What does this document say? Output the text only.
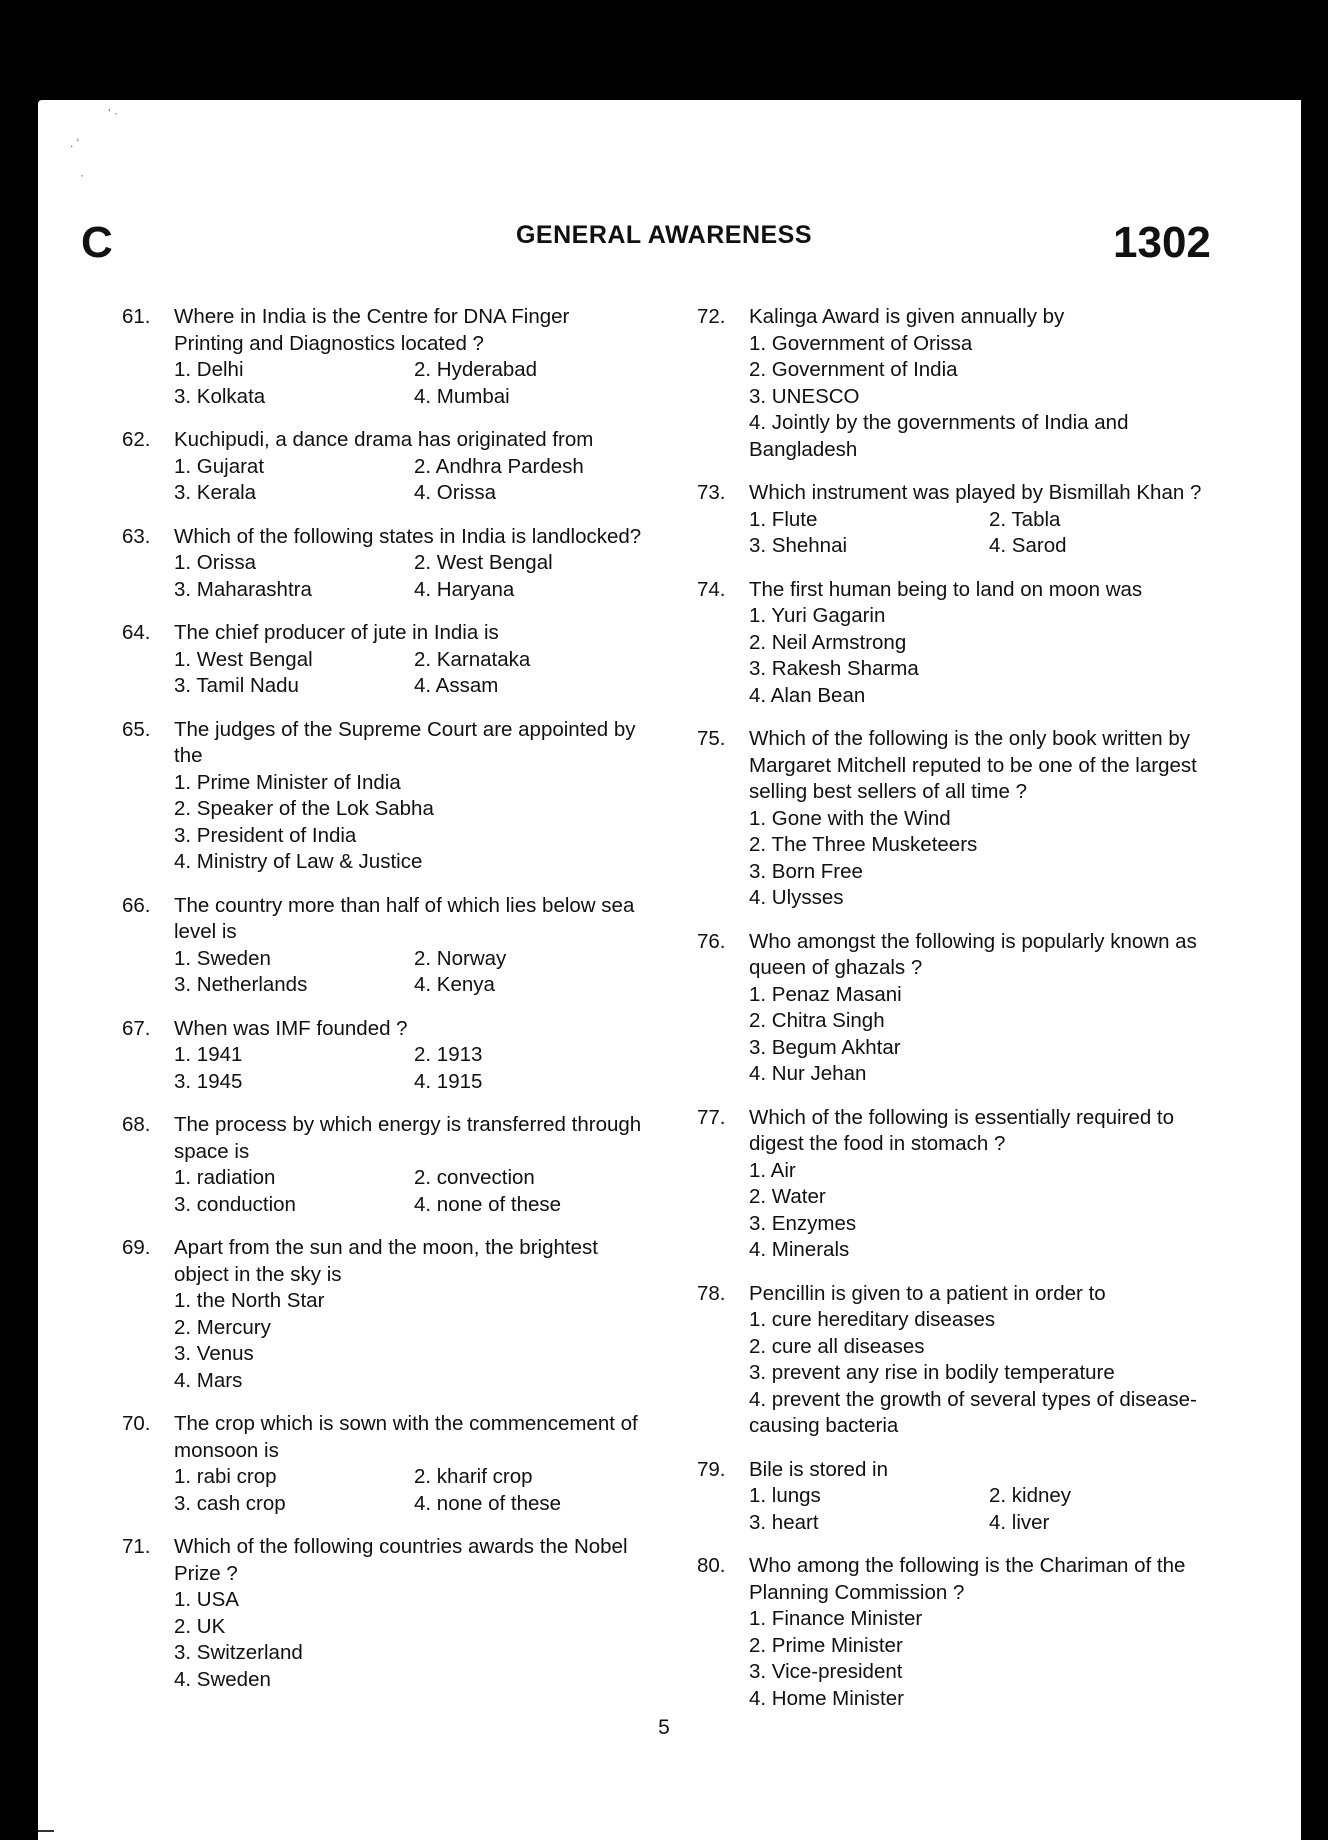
‘ ·
. ‘
·
C	GENERAL AWARENESS	1302
61. Where in India is the Centre for DNA Finger Printing and Diagnostics located ?
1. Delhi	2. Hyderabad
3. Kolkata	4. Mumbai
62. Kuchipudi, a dance drama has originated from
1. Gujarat	2. Andhra Pardesh
3. Kerala	4. Orissa
63. Which of the following states in India is landlocked?
1. Orissa	2. West Bengal
3. Maharashtra	4. Haryana
64. The chief producer of jute in India is
1. West Bengal	2. Karnataka
3. Tamil Nadu	4. Assam
65. The judges of the Supreme Court are appointed by the
1. Prime Minister of India
2. Speaker of the Lok Sabha
3. President of India
4. Ministry of Law & Justice
66. The country more than half of which lies below sea level is
1. Sweden	2. Norway
3. Netherlands	4. Kenya
67. When was IMF founded ?
1. 1941	2. 1913
3. 1945	4. 1915
68. The process by which energy is transferred through space is
1. radiation	2. convection
3. conduction	4. none of these
69. Apart from the sun and the moon, the brightest object in the sky is
1. the North Star
2. Mercury
3. Venus
4. Mars
70. The crop which is sown with the commencement of monsoon is
1. rabi crop	2. kharif crop
3. cash crop	4. none of these
71. Which of the following countries awards the Nobel Prize ?
1. USA
2. UK
3. Switzerland
4. Sweden
72. Kalinga Award is given annually by
1. Government of Orissa
2. Government of India
3. UNESCO
4. Jointly by the governments of India and Bangladesh
73. Which instrument was played by Bismillah Khan ?
1. Flute	2. Tabla
3. Shehnai	4. Sarod
74. The first human being to land on moon was
1. Yuri Gagarin
2. Neil Armstrong
3. Rakesh Sharma
4. Alan Bean
75. Which of the following is the only book written by Margaret Mitchell reputed to be one of the largest selling best sellers of all time ?
1. Gone with the Wind
2. The Three Musketeers
3. Born Free
4. Ulysses
76. Who amongst the following is popularly known as queen of ghazals ?
1. Penaz Masani
2. Chitra Singh
3. Begum Akhtar
4. Nur Jehan
77. Which of the following is essentially required to digest the food in stomach ?
1. Air
2. Water
3. Enzymes
4. Minerals
78. Pencillin is given to a patient in order to
1. cure hereditary diseases
2. cure all diseases
3. prevent any rise in bodily temperature
4. prevent the growth of several types of disease-causing bacteria
79. Bile is stored in
1. lungs	2. kidney
3. heart	4. liver
80. Who among the following is the Chariman of the Planning Commission ?
1. Finance Minister
2. Prime Minister
3. Vice-president
4. Home Minister
5
